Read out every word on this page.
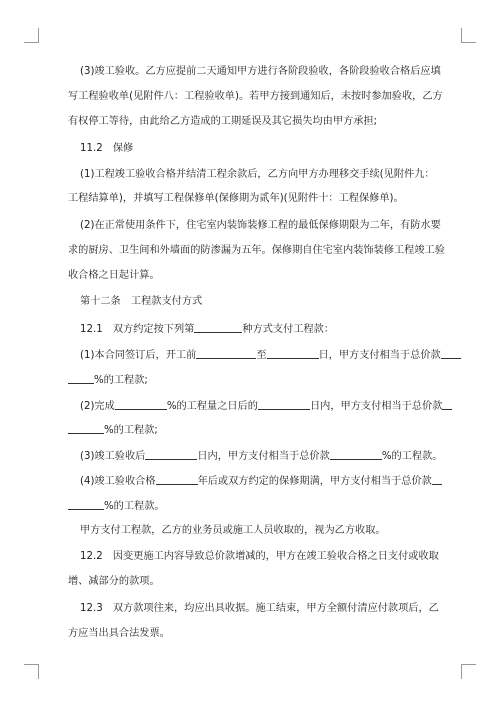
(3)竣工验收。乙方应提前二天通知甲方进行各阶段验收，各阶段验收合格后应填
写工程验收单(见附件八：工程验收单)。若甲方接到通知后，未按时参加验收，乙方
有权停工等待，由此给乙方造成的工期延误及其它损失均由甲方承担;
11.2　保修
(1)工程竣工验收合格并结清工程余款后，乙方向甲方办理移交手续(见附件九：
工程结算单)，并填写工程保修单(保修期为贰年)(见附件十：工程保修单)。
(2)在正常使用条件下，住宅室内装饰装修工程的最低保修期限为二年，有防水要
求的厨房、卫生间和外墙面的防渗漏为五年。保修期自住宅室内装饰装修工程竣工验
收合格之日起计算。
第十二条　工程款支付方式
12.1　双方约定按下列第	种方式支付工程款：
(1)本合同签订后，开工前	至	日，甲方支付相当于总价款
%的工程款;
(2)完成	%的工程量之日后的	日内，甲方支付相当于总价款
%的工程款;
(3)竣工验收后	日内，甲方支付相当于总价款	%的工程款。
(4)竣工验收合格	年后或双方约定的保修期满，甲方支付相当于总价款
%的工程款。
甲方支付工程款，乙方的业务员或施工人员收取的，视为乙方收取。
12.2　因变更施工内容导致总价款增减的，甲方在竣工验收合格之日支付或收取
增、减部分的款项。
12.3　双方款项往来，均应出具收据。施工结束，甲方全额付清应付款项后，乙
方应当出具合法发票。
